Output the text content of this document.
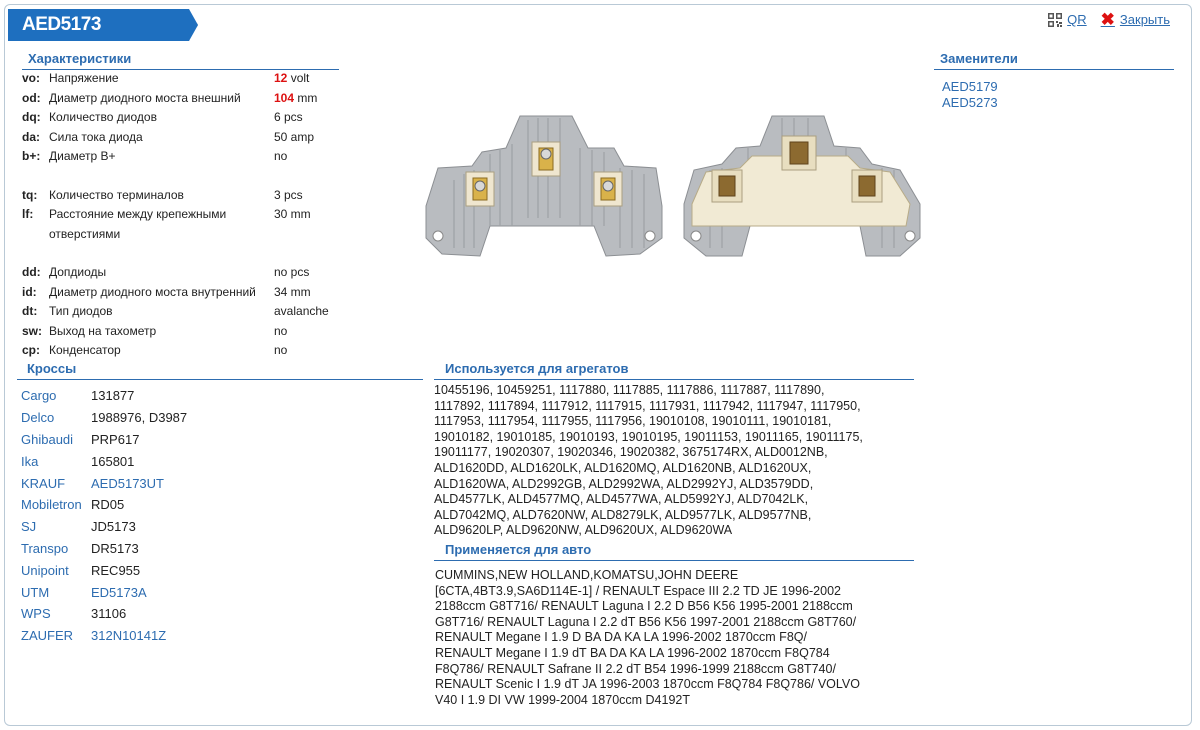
AED5173	QR ✖ Закрыть
Характеристики
vo:	Напряжение	12 volt
od:	Диаметр диодного моста внешний	104 mm
dq:	Количество диодов	6 pcs
da:	Сила тока диода	50 amp
b+:	Диаметр B+	no

tq:	Количество терминалов	3 pcs
lf:	Расстояние между крепежными отверстиями	30 mm

dd:	Допдиоды	no pcs
id:	Диаметр диодного моста внутренний	34 mm
dt:	Тип диодов	avalanche
sw:	Выход на тахометр	no
cp:	Конденсатор	no
Кроссы
Cargo	131877
Delco	1988976, D3987
Ghibaudi	PRP617
Ika	165801
KRAUF	AED5173UT
Mobiletron RD05
SJ	JD5173
Transpo	DR5173
Unipoint	REC955
UTM	ED5173A
WPS	31106
ZAUFER	312N10141Z
Используется для агрегатов
10455196, 10459251, 1117880, 1117885, 1117886, 1117887, 1117890,
1117892, 1117894, 1117912, 1117915, 1117931, 1117942, 1117947, 1117950,
1117953, 1117954, 1117955, 1117956, 19010108, 19010111, 19010181,
19010182, 19010185, 19010193, 19010195, 19011153, 19011165, 19011175,
19011177, 19020307, 19020346, 19020382, 3675174RX, ALD0012NB,
ALD1620DD, ALD1620LK, ALD1620MQ, ALD1620NB, ALD1620UX,
ALD1620WA, ALD2992GB, ALD2992WA, ALD2992YJ, ALD3579DD,
ALD4577LK, ALD4577MQ, ALD4577WA, ALD5992YJ, ALD7042LK,
ALD7042MQ, ALD7620NW, ALD8279LK, ALD9577LK, ALD9577NB,
ALD9620LP, ALD9620NW, ALD9620UX, ALD9620WA
Применяется для авто
CUMMINS,NEW HOLLAND,KOMATSU,JOHN DEERE
[6CTA,4BT3.9,SA6D114E-1] / RENAULT Espace III 2.2 TD JE 1996-2002
2188ccm G8T716/ RENAULT Laguna I 2.2 D B56 K56 1995-2001 2188ccm
G8T716/ RENAULT Laguna I 2.2 dT B56 K56 1997-2001 2188ccm G8T760/
RENAULT Megane I 1.9 D BA DA KA LA 1996-2002 1870ccm F8Q/
RENAULT Megane I 1.9 dT BA DA KA LA 1996-2002 1870ccm F8Q784
F8Q786/ RENAULT Safrane II 2.2 dT B54 1996-1999 2188ccm G8T740/
RENAULT Scenic I 1.9 dT JA 1996-2003 1870ccm F8Q784 F8Q786/ VOLVO
V40 I 1.9 DI VW 1999-2004 1870ccm D4192T
Заменители
AED5179
AED5273
